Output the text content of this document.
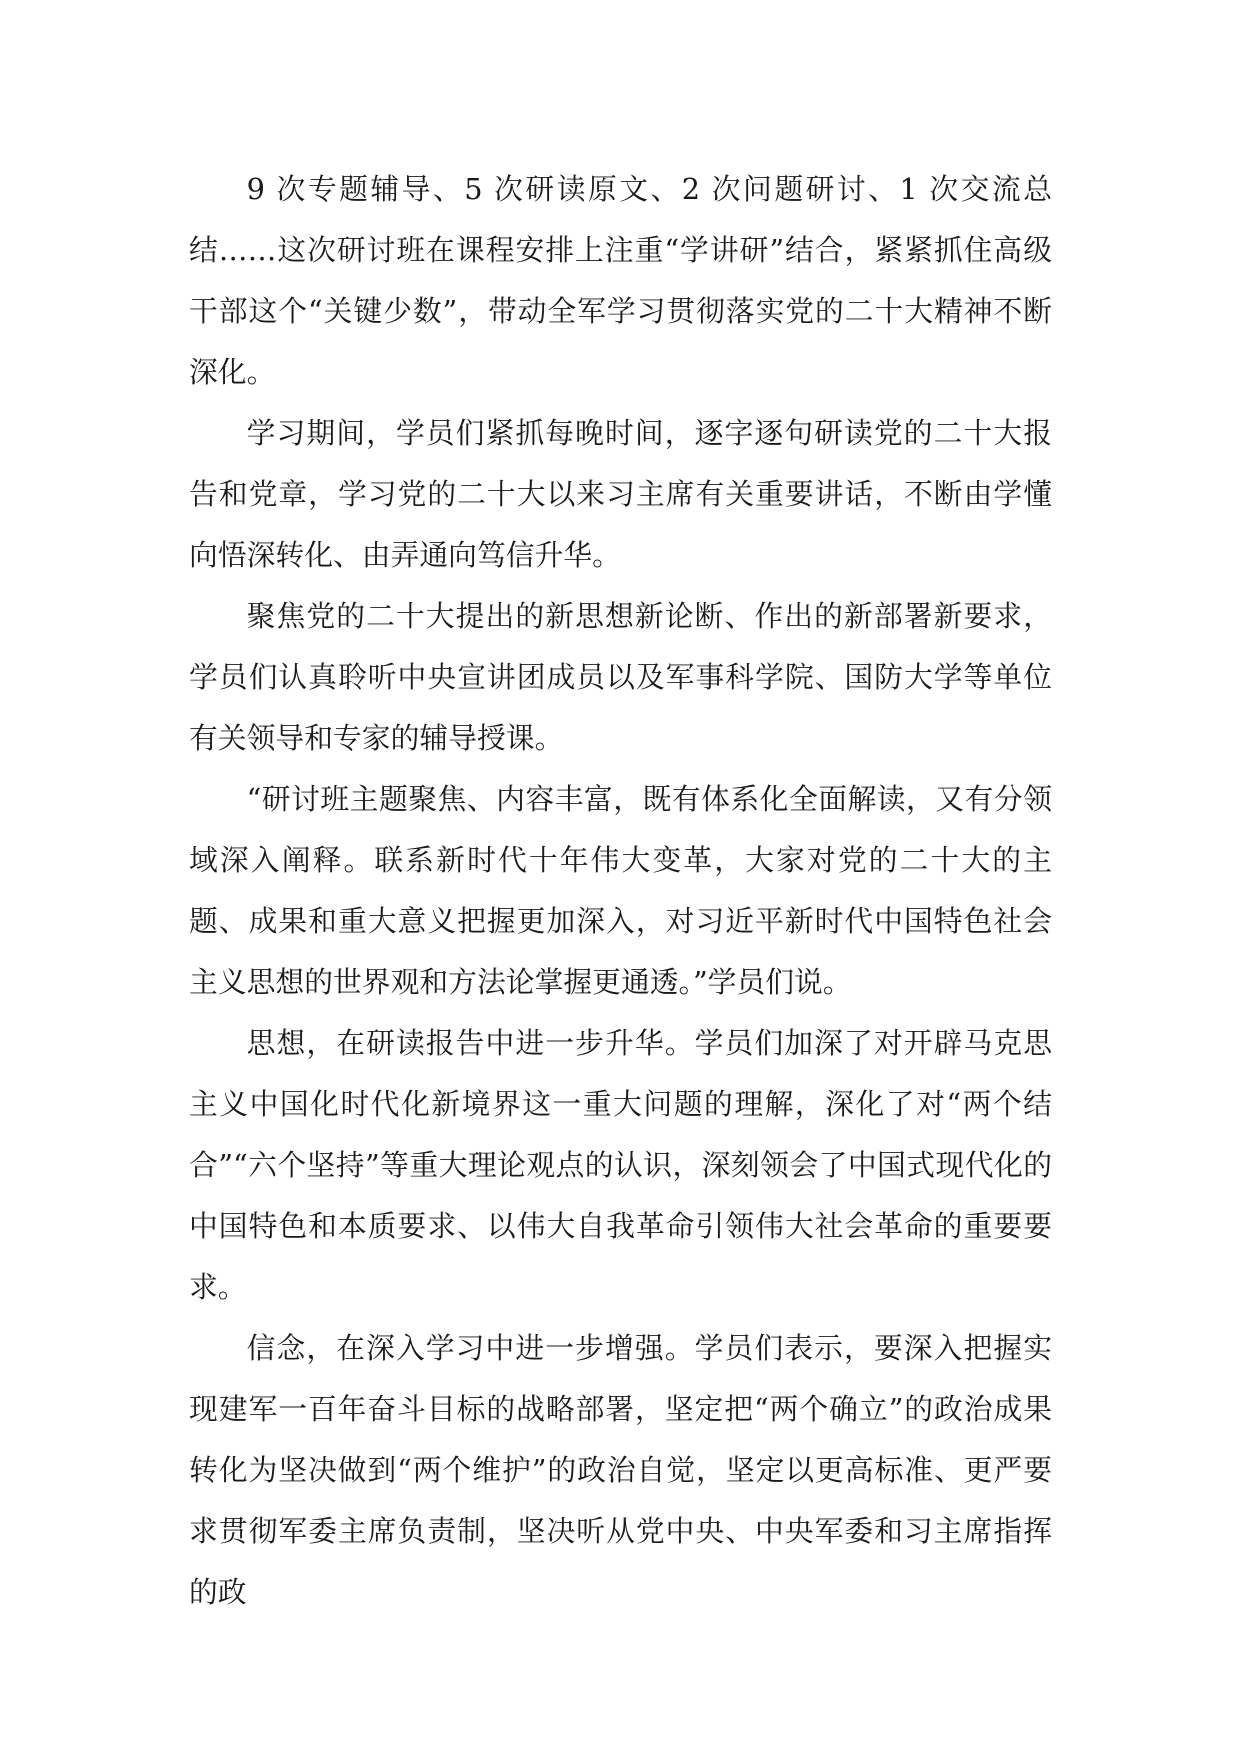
9 次专题辅导、5 次研读原文、2 次问题研讨、1 次交流总结……这次研讨班在课程安排上注重“学讲研”结合，紧紧抓住高级干部这个“关键少数”，带动全军学习贯彻落实党的二十大精神不断深化。

学习期间，学员们紧抓每晚时间，逐字逐句研读党的二十大报告和党章，学习党的二十大以来习主席有关重要讲话，不断由学懂向悟深转化、由弄通向笃信升华。

聚焦党的二十大提出的新思想新论断、作出的新部署新要求，学员们认真聆听中央宣讲团成员以及军事科学院、国防大学等单位有关领导和专家的辅导授课。

“研讨班主题聚焦、内容丰富，既有体系化全面解读，又有分领域深入阐释。联系新时代十年伟大变革，大家对党的二十大的主题、成果和重大意义把握更加深入，对习近平新时代中国特色社会主义思想的世界观和方法论掌握更通透。”学员们说。

思想，在研读报告中进一步升华。学员们加深了对开辟马克思主义中国化时代化新境界这一重大问题的理解，深化了对“两个结合”“六个坚持”等重大理论观点的认识，深刻领会了中国式现代化的中国特色和本质要求、以伟大自我革命引领伟大社会革命的重要要求。

信念，在深入学习中进一步增强。学员们表示，要深入把握实现建军一百年奋斗目标的战略部署，坚定把“两个确立”的政治成果转化为坚决做到“两个维护”的政治自觉，坚定以更高标准、更严要求贯彻军委主席负责制，坚决听从党中央、中央军委和习主席指挥的政
